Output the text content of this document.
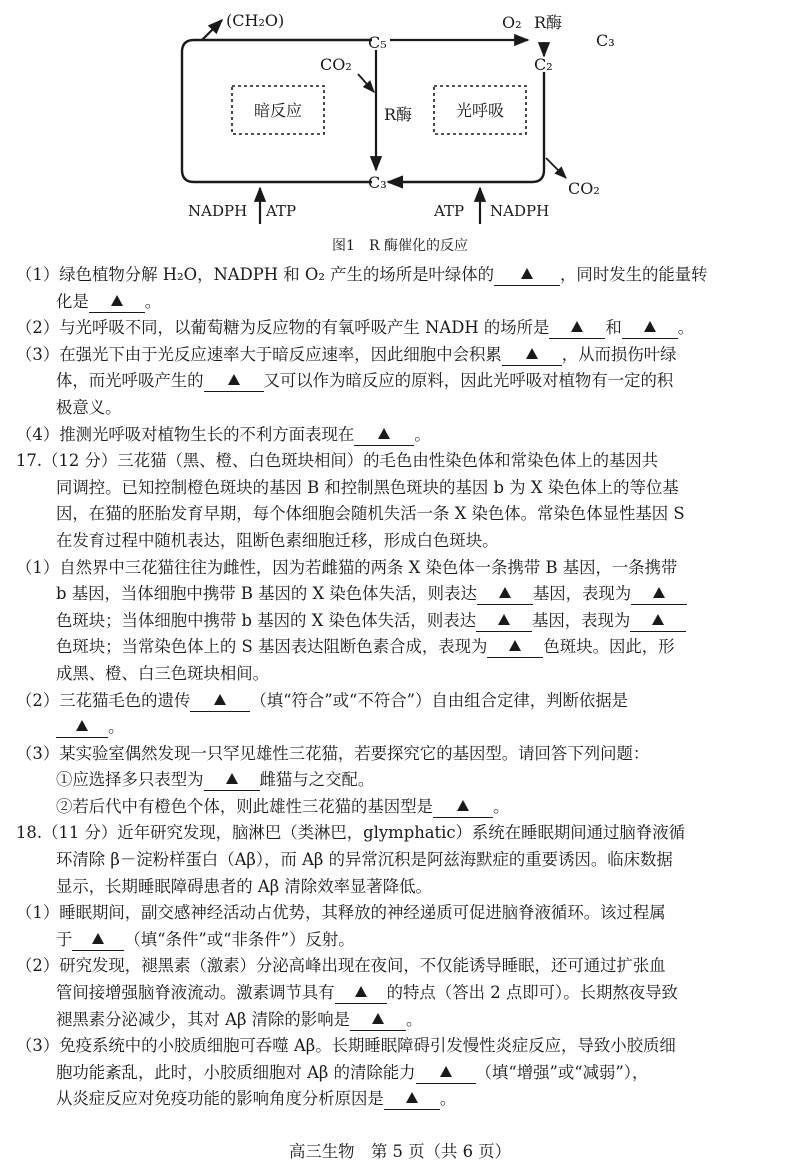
(CH₂O)
C₅
O₂ R酶
C₃
CO₂	C₂
暗反应	R酶	光呼吸
C₃	CO₂
NADPH ATP	ATP NADPH
图1　R 酶催化的反应
（1）绿色植物分解 H₂O，NADPH 和 O₂ 产生的场所是叶绿体的	，同时发生的能量转
化是	。
（2）与光呼吸不同，以葡萄糖为反应物的有氧呼吸产生 NADH 的场所是	和	。
（3）在强光下由于光反应速率大于暗反应速率，因此细胞中会积累	，从而损伤叶绿
体，而光呼吸产生的	又可以作为暗反应的原料，因此光呼吸对植物有一定的积
极意义。
（4）推测光呼吸对植物生长的不利方面表现在	。
17.（12 分）三花猫（黑、橙、白色斑块相间）的毛色由性染色体和常染色体上的基因共
同调控。已知控制橙色斑块的基因 B 和控制黑色斑块的基因 b 为 X 染色体上的等位基
因，在猫的胚胎发育早期，每个体细胞会随机失活一条 X 染色体。常染色体显性基因 S
在发育过程中随机表达，阻断色素细胞迁移，形成白色斑块。
（1）自然界中三花猫往往为雌性，因为若雌猫的两条 X 染色体一条携带 B 基因，一条携带
b 基因，当体细胞中携带 B 基因的 X 染色体失活，则表达	基因，表现为
色斑块；当体细胞中携带 b 基因的 X 染色体失活，则表达	基因，表现为
色斑块；当常染色体上的 S 基因表达阻断色素合成，表现为	色斑块。因此，形
成黑、橙、白三色斑块相间。
（2）三花猫毛色的遗传	（填“符合”或“不符合”）自由组合定律，判断依据是
。
（3）某实验室偶然发现一只罕见雄性三花猫，若要探究它的基因型。请回答下列问题：
①应选择多只表型为	雌猫与之交配。
②若后代中有橙色个体，则此雄性三花猫的基因型是	。
18.（11 分）近年研究发现，脑淋巴（类淋巴，glymphatic）系统在睡眠期间通过脑脊液循
环清除 β－淀粉样蛋白（Aβ），而 Aβ 的异常沉积是阿兹海默症的重要诱因。临床数据
显示，长期睡眠障碍患者的 Aβ 清除效率显著降低。
（1）睡眠期间，副交感神经活动占优势，其释放的神经递质可促进脑脊液循环。该过程属
于	（填“条件”或“非条件”）反射。
（2）研究发现，褪黑素（激素）分泌高峰出现在夜间，不仅能诱导睡眠，还可通过扩张血
管间接增强脑脊液流动。激素调节具有	的特点（答出 2 点即可）。长期熬夜导致
褪黑素分泌减少，其对 Aβ 清除的影响是	。
（3）免疫系统中的小胶质细胞可吞噬 Aβ。长期睡眠障碍引发慢性炎症反应，导致小胶质细
胞功能紊乱，此时，小胶质细胞对 Aβ 的清除能力	（填“增强”或“减弱”），
从炎症反应对免疫功能的影响角度分析原因是	。
高三生物　第 5 页（共 6 页）
